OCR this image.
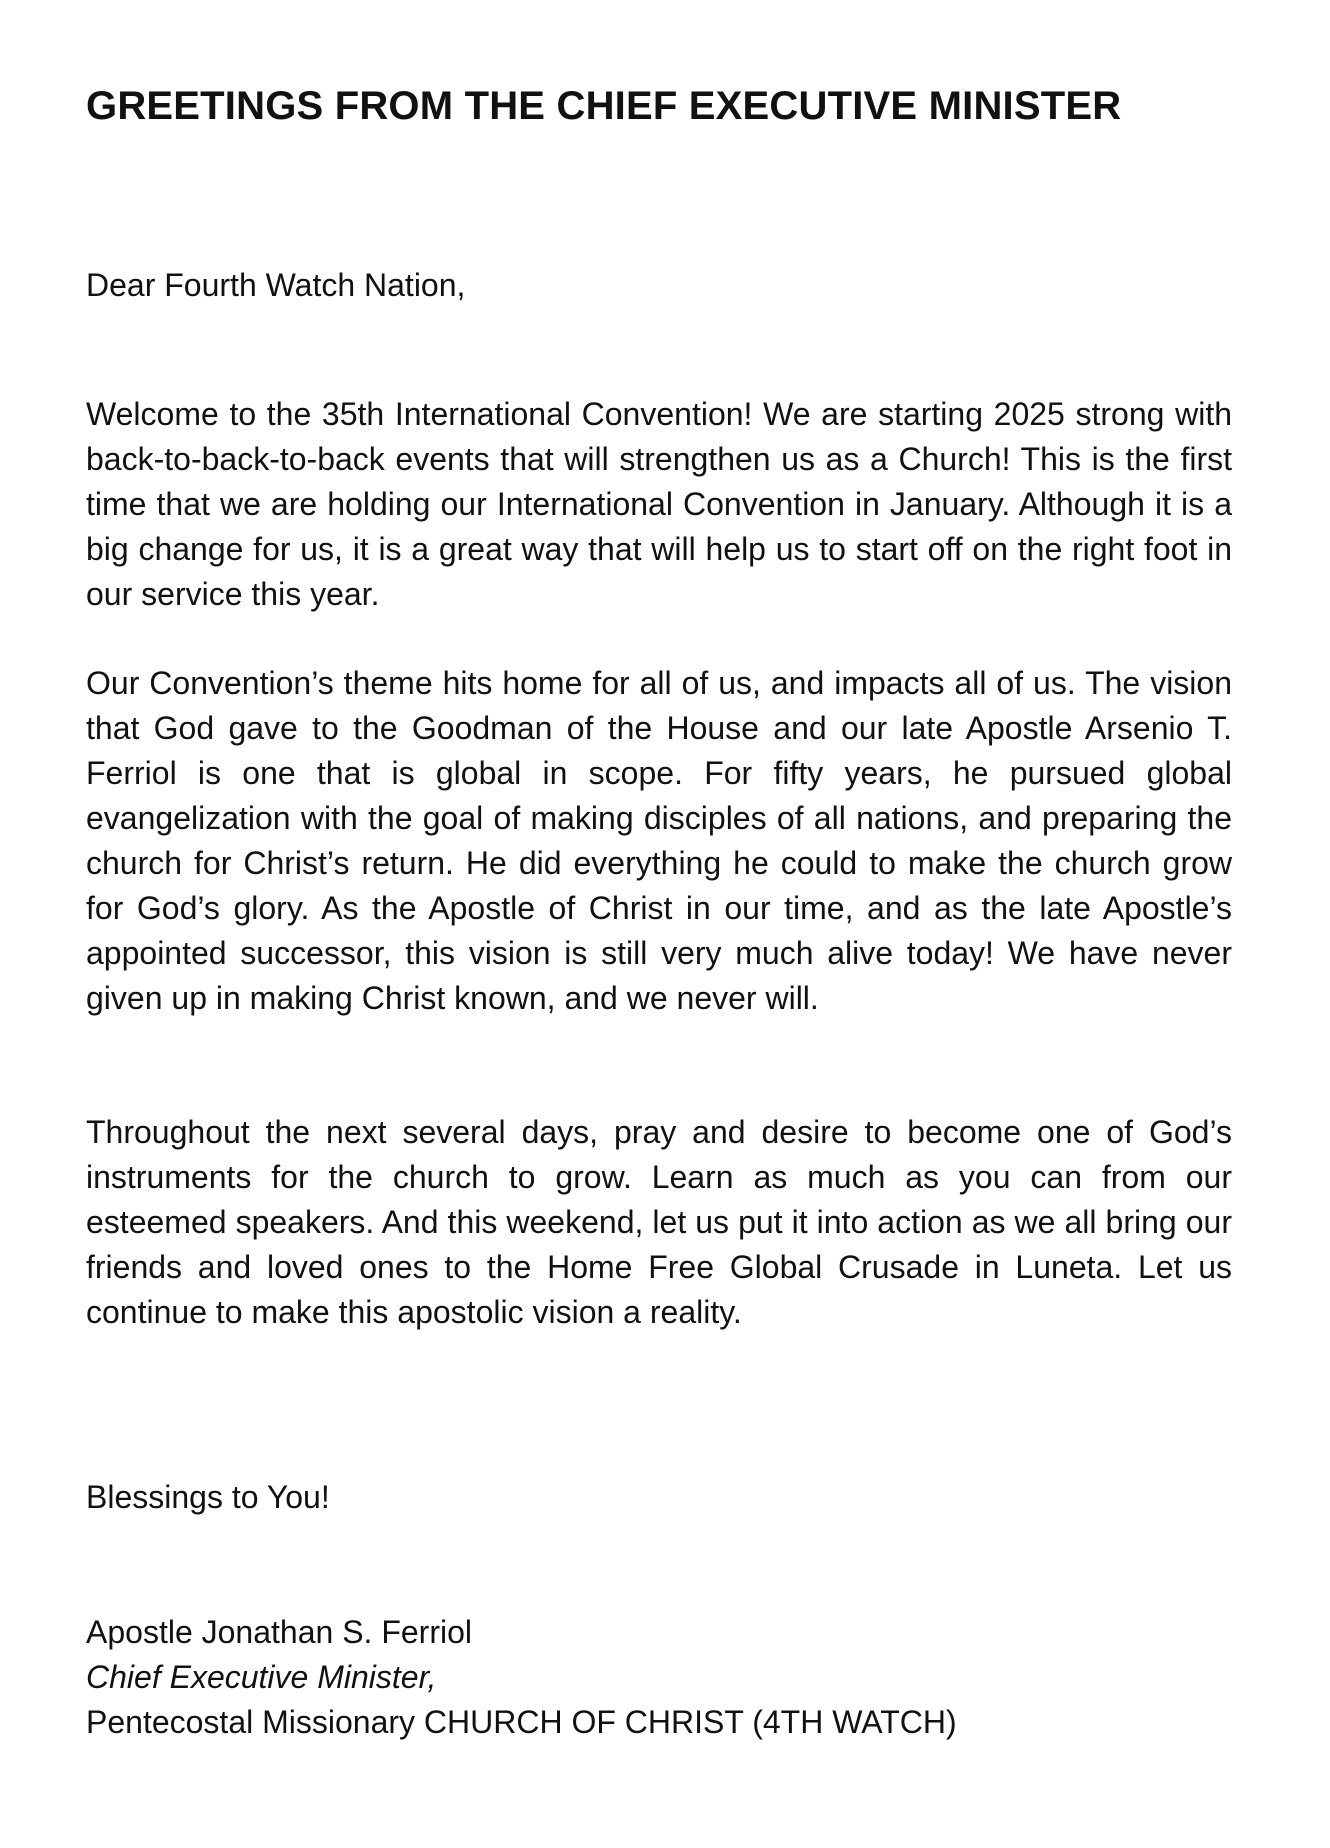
GREETINGS FROM THE CHIEF EXECUTIVE MINISTER
Dear Fourth Watch Nation,

Welcome to the 35th International Convention! We are starting 2025 strong with back-to-back-to-back events that will strengthen us as a Church! This is the first time that we are holding our International Convention in January. Although it is a big change for us, it is a great way that will help us to start off on the right foot in our service this year.

Our Convention’s theme hits home for all of us, and impacts all of us. The vision that God gave to the Goodman of the House and our late Apostle Arsenio T. Ferriol is one that is global in scope. For fifty years, he pursued global evangelization with the goal of making disciples of all nations, and preparing the church for Christ’s return. He did everything he could to make the church grow for God’s glory. As the Apostle of Christ in our time, and as the late Apostle’s appointed successor, this vision is still very much alive today! We have never given up in making Christ known, and we never will.

Throughout the next several days, pray and desire to become one of God’s instruments for the church to grow. Learn as much as you can from our esteemed speakers. And this weekend, let us put it into action as we all bring our friends and loved ones to the Home Free Global Crusade in Luneta. Let us continue to make this apostolic vision a reality.

Blessings to You!
Apostle Jonathan S. Ferriol
Chief Executive Minister,
Pentecostal Missionary CHURCH OF CHRIST (4TH WATCH)
